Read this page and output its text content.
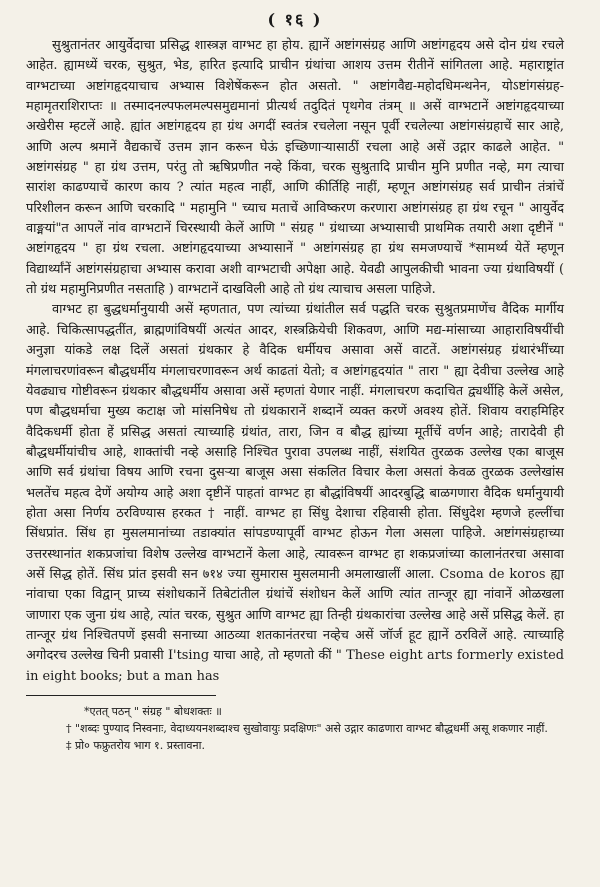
( १६ )

सुश्रुतानंतर आयुर्वेदाचा प्रसिद्ध शास्त्रज्ञ वाग्भट हा होय. ह्यानें अष्टांगसंग्रह आणि अष्टांगहृदय असे दोन ग्रंथ रचले आहेत. ह्यामध्यें चरक, सुश्रुत, भेड, हारित इत्यादि प्राचीन ग्रंथांचा आशय उत्तम रीतीनें सांगितला आहे. महाराष्ट्रांत वाग्भटाच्या अष्टांगहृदयाचाच अभ्यास विशेषेंकरून होत असतो. " अष्टांगवैद्य-महोदधिमन्थनेन, योऽष्टांगसंग्रह-महामृतराशिराप्तः ॥ तस्मादनल्पफलमल्पसमुद्यमानां प्रीत्यर्थ तदुदितं पृथगेव तंत्रम् ॥ असें वाग्भटानें अष्टांगहृदयाच्या अखेरीस म्हटलें आहे. ह्यांत अष्टांगहृदय हा ग्रंथ अगदीं स्वतंत्र रचलेला नसून पूर्वी रचलेल्या अष्टांगसंग्रहाचें सार आहे, आणि अल्प श्रमानें वैद्यकाचें उत्तम ज्ञान करून घेऊं इच्छिणाऱ्यासाठीं रचला आहे असें उद्गार काढले आहेत. " अष्टांगसंग्रह " हा ग्रंथ उत्तम, परंतु तो ऋषिप्रणीत नव्हे किंवा, चरक सुश्रुतादि प्राचीन मुनि प्रणीत नव्हे, मग त्याचा सारांश काढण्याचें कारण काय ? त्यांत महत्व नाहीं, आणि कीर्तिहि नाहीं, म्हणून अष्टांगसंग्रह सर्व प्राचीन तंत्रांचें परिशीलन करून आणि चरकादि " महामुनि " च्याच मताचें आविष्करण करणारा अष्टांगसंग्रह हा ग्रंथ रचून " आयुर्वेद वाङ्मयां"त आपलें नांव वाग्भटानें चिरस्थायी केलें आणि " संग्रह " ग्रंथाच्या अभ्यासाची प्राथमिक तयारी अशा दृष्टीनें " अष्टांगहृदय " हा ग्रंथ रचला. अष्टांगहृदयाच्या अभ्यासानें " अष्टांगसंग्रह हा ग्रंथ समजण्याचें *सामर्थ्य येतें म्हणून विद्यार्थ्यांनें अष्टांगसंग्रहाचा अभ्यास करावा अशी वाग्भटाची अपेक्षा आहे. येवढी आपुलकीची भावना ज्या ग्रंथाविषयीं ( तो ग्रंथ महामुनिप्रणीत नसताहि ) वाग्भटानें दाखविली आहे तो ग्रंथ त्याचाच असला पाहिजे.

वाग्भट हा बुद्धधर्मानुयायी असें म्हणतात, पण त्यांच्या ग्रंथांतील सर्व पद्धति चरक सुश्रुतप्रमाणेंच वैदिक मार्गीय आहे. चिकित्सापद्धतींत, ब्राह्मणांविषयीं अत्यंत आदर, शस्त्रक्रियेची शिकवण, आणि मद्य-मांसाच्या आहाराविषयींची अनुज्ञा यांकडे लक्ष दिलें असतां ग्रंथकार हे वैदिक धर्मीयच असावा असें वाटतें. अष्टांगसंग्रह ग्रंथारंभींच्या मंगलाचरणांवरून बौद्धधर्मीय मंगलाचरणावरून अर्थ काढतां येतो; व अष्टांगहृदयांत " तारा " ह्या देवीचा उल्लेख आहे येवढ्याच गोष्टीवरून ग्रंथकार बौद्धधर्मीय असावा असें म्हणतां येणार नाहीं. मंगलाचरण कदाचित द्व्यर्थीहि केलें असेल, पण बौद्धधर्माचा मुख्य कटाक्ष जो मांसनिषेध तो ग्रंथकारानें शब्दानें व्यक्त करणें अवश्य होतें. शिवाय वराहमिहिर वैदिकधर्मी होता हें प्रसिद्ध असतां त्याच्याहि ग्रंथांत, तारा, जिन व बौद्ध ह्यांच्या मूर्तीचें वर्णन आहे; तारादेवी ही बौद्धधर्मीयांचीच आहे, शाक्तांची नव्हे असाहि निश्चित पुरावा उपलब्ध नाहीं, संशयित तुरळक उल्लेख एका बाजूस आणि सर्व ग्रंथांचा विषय आणि रचना दुसऱ्या बाजूस असा संकलित विचार केला असतां केवळ तुरळक उल्लेखांस भलतेंच महत्व देणें अयोग्य आहे अशा दृष्टीनें पाहतां वाग्भट हा बौद्धांविषयीं आदरबुद्धि बाळगणारा वैदिक धर्मानुयायी होता असा निर्णय ठरविण्यास हरकत † नाहीं. वाग्भट हा सिंधु देशाचा रहिवासी होता. सिंधुदेश म्हणजे हल्लींचा सिंधप्रांत. सिंध हा मुसलमानांच्या तडाक्यांत सांपडण्यापूर्वी वाग्भट होऊन गेला असला पाहिजे. अष्टांगसंग्रहाच्या उत्तरस्थानांत शकप्रजांचा विशेष उल्लेख वाग्भटानें केला आहे, त्यावरून वाग्भट हा शकप्रजांच्या कालानंतरचा असावा असें सिद्ध होतें. सिंध प्रांत इसवी सन ७१४ ज्या सुमारास मुसलमानी अमलाखालीं आला. Csoma de koros ह्या नांवाचा एका विद्वान् प्राच्य संशोधकानें तिबेटांतील ग्रंथांचें संशोधन केलें आणि त्यांत तान्जूर ह्या नांवानें ओळखला जाणारा एक जुना ग्रंथ आहे, त्यांत चरक, सुश्रुत आणि वाग्भट ह्या तिन्ही ग्रंथकारांचा उल्लेख आहे असें प्रसिद्ध केलें. हा तान्जूर ग्रंथ निश्चितपणें इसवी सनाच्या आठव्या शतकानंतरचा नव्हेच असें जॉर्ज हूट ह्यानें ठरविलें आहे. त्याच्याहि अगोदरच उल्लेख चिनी प्रवासी I'tsing याचा आहे, तो म्हणतो कीं " These eight arts formerly existed in eight books; but a man has

*एतत् पठन् " संग्रह " बोधशक्तः ॥

† "शब्दः पुण्याद निस्वनाः, वेदाध्ययनशब्दाश्च सुखोवायुः प्रदक्षिणः" असे उद्गार काढणारा वाग्भट बौद्धधर्मी असू शकणार नाहीं.

‡ प्रो० फफ्रुतरोय भाग १. प्रस्तावना.
